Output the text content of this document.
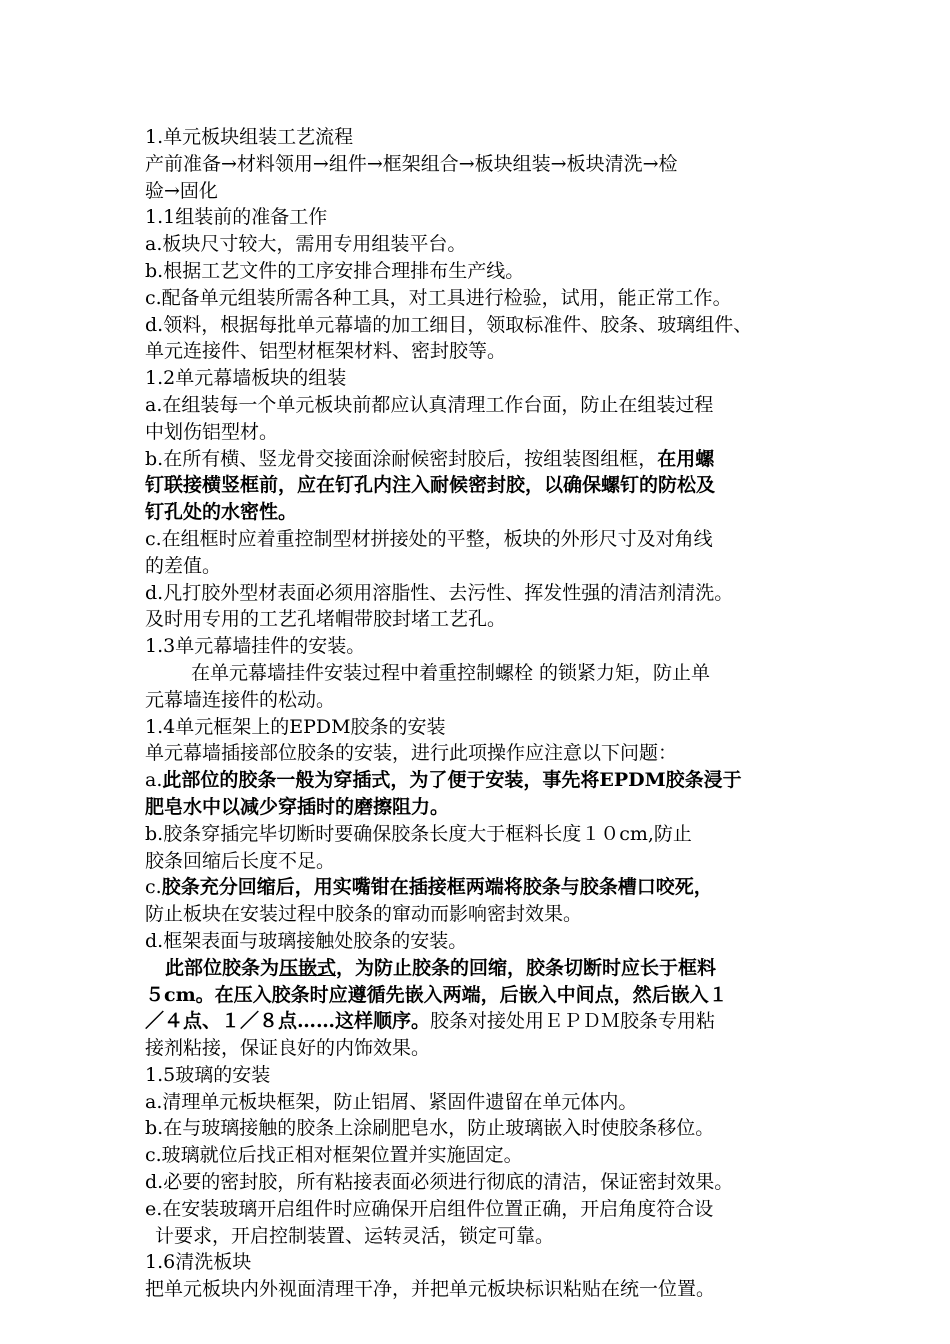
1.单元板块组装工艺流程

产前准备→材料领用→组件→框架组合→板块组装→板块清洗→检

验→固化

1.1组装前的准备工作

a.板块尺寸较大，需用专用组装平台。

b.根据工艺文件的工序安排合理排布生产线。

c.配备单元组装所需各种工具，对工具进行检验，试用，能正常工作。

d.领料，根据每批单元幕墙的加工细目，领取标准件、胶条、玻璃组件、

单元连接件、铝型材框架材料、密封胶等。

1.2单元幕墙板块的组装

a.在组装每一个单元板块前都应认真清理工作台面，防止在组装过程

中划伤铝型材。

b.在所有横、竖龙骨交接面涂耐候密封胶后，按组装图组框，在用螺

钉联接横竖框前，应在钉孔内注入耐候密封胶，以确保螺钉的防松及

钉孔处的水密性。

c.在组框时应着重控制型材拼接处的平整，板块的外形尺寸及对角线

的差值。

d.凡打胶外型材表面必须用溶脂性、去污性、挥发性强的清洁剂清洗。

及时用专用的工艺孔堵帽带胶封堵工艺孔。

1.3单元幕墙挂件的安装。

在单元幕墙挂件安装过程中着重控制螺栓 的锁紧力矩，防止单

元幕墙连接件的松动。

1.4单元框架上的EPDM胶条的安装

单元幕墙插接部位胶条的安装，进行此项操作应注意以下问题：

a.此部位的胶条一般为穿插式，为了便于安装，事先将EPDM胶条浸于

肥皂水中以减少穿插时的磨擦阻力。

b.胶条穿插完毕切断时要确保胶条长度大于框料长度１０cm,防止

胶条回缩后长度不足。

c.胶条充分回缩后，用实嘴钳在插接框两端将胶条与胶条槽口咬死，

防止板块在安装过程中胶条的窜动而影响密封效果。

d.框架表面与玻璃接触处胶条的安装。

此部位胶条为压嵌式，为防止胶条的回缩，胶条切断时应长于框料

５cm。在压入胶条时应遵循先嵌入两端，后嵌入中间点，然后嵌入１

／４点、１／８点……这样顺序。胶条对接处用ＥＰＤＭ胶条专用粘

接剂粘接，保证良好的内饰效果。

1.5玻璃的安装

a.清理单元板块框架，防止铝屑、紧固件遗留在单元体内。

b.在与玻璃接触的胶条上涂刷肥皂水，防止玻璃嵌入时使胶条移位。

c.玻璃就位后找正相对框架位置并实施固定。

d.必要的密封胶，所有粘接表面必须进行彻底的清洁，保证密封效果。

e.在安装玻璃开启组件时应确保开启组件位置正确，开启角度符合设

计要求，开启控制装置、运转灵活，锁定可靠。

1.6清洗板块

把单元板块内外视面清理干净，并把单元板块标识粘贴在统一位置。
